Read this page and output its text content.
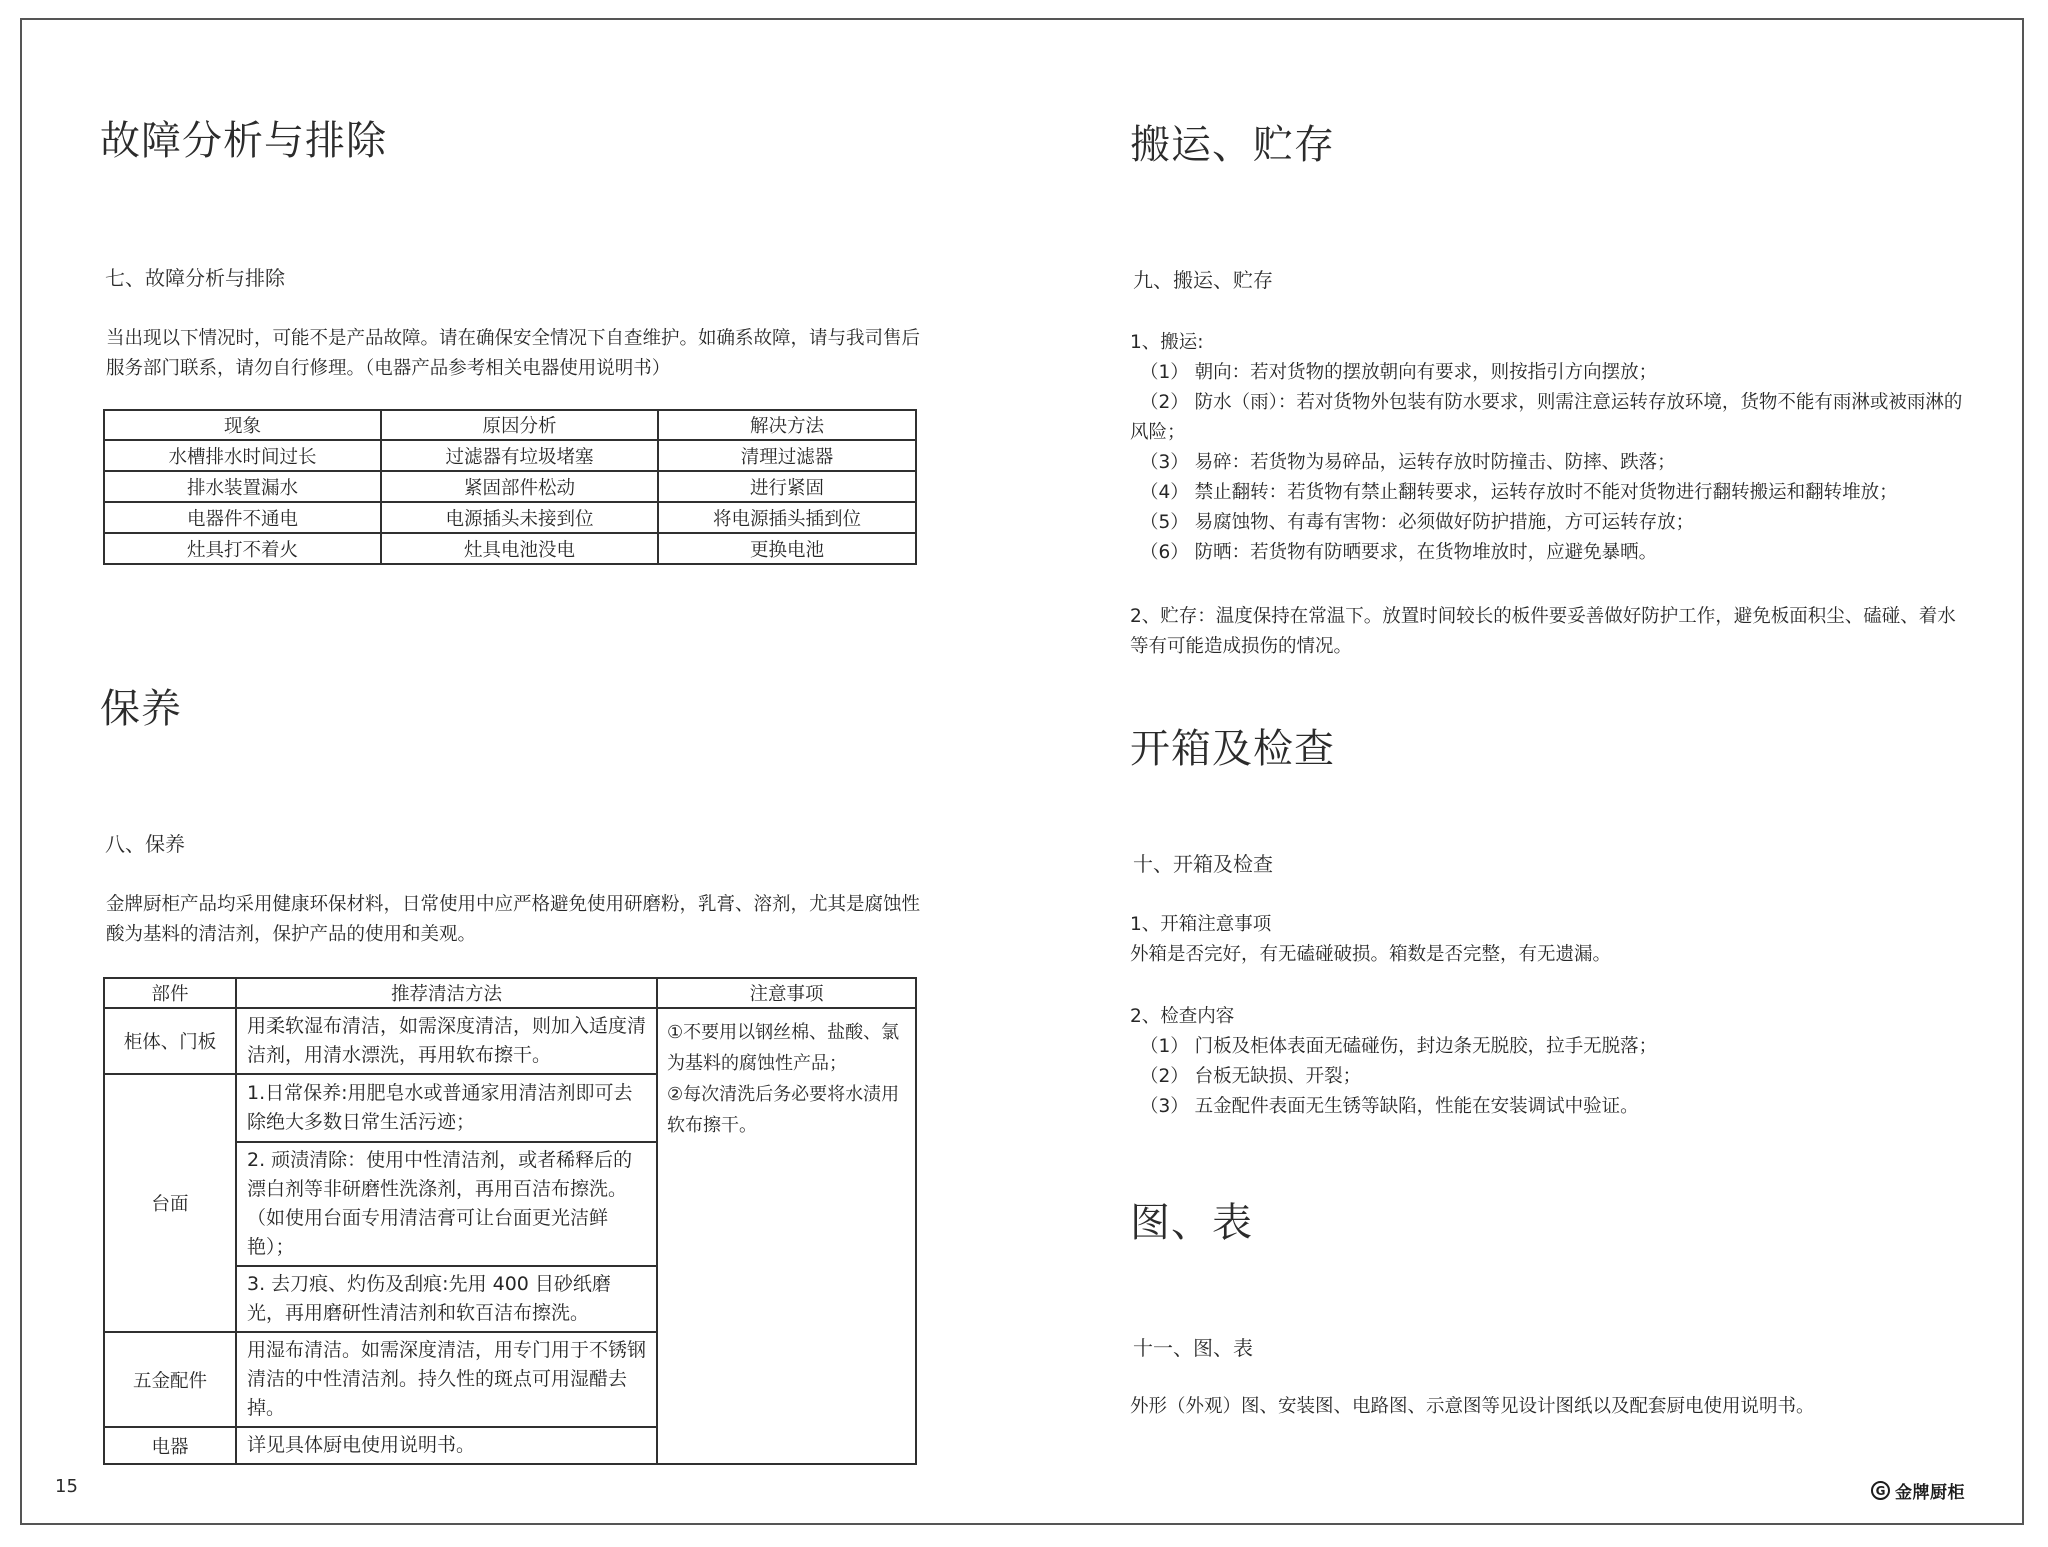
故障分析与排除
七、故障分析与排除
当出现以下情况时，可能不是产品故障。请在确保安全情况下自查维护。如确系故障，请与我司售后服务部门联系，请勿自行修理。（电器产品参考相关电器使用说明书）
现象	原因分析	解决方法
水槽排水时间过长	过滤器有垃圾堵塞	清理过滤器
排水装置漏水	紧固部件松动	进行紧固
电器件不通电	电源插头未接到位	将电源插头插到位
灶具打不着火	灶具电池没电	更换电池
保养
八、保养
金牌厨柜产品均采用健康环保材料，日常使用中应严格避免使用研磨粉，乳膏、溶剂，尤其是腐蚀性酸为基料的清洁剂，保护产品的使用和美观。
部件	推荐清洁方法	注意事项
柜体、门板	用柔软湿布清洁，如需深度清洁，则加入适度清洁剂，用清水漂洗，再用软布擦干。	①不要用以钢丝棉、盐酸、氯为基料的腐蚀性产品；
②每次清洗后务必要将水渍用软布擦干。

台面	1.日常保养:用肥皂水或普通家用清洁剂即可去除绝大多数日常生活污迹；	
	2. 顽渍清除：使用中性清洁剂，或者稀释后的漂白剂等非研磨性洗涤剂，再用百洁布擦洗。（如使用台面专用清洁膏可让台面更光洁鲜艳）；	
	3. 去刀痕、灼伤及刮痕:先用 400 目砂纸磨光，再用磨研性清洁剂和软百洁布擦洗。	
五金配件	用湿布清洁。如需深度清洁，用专门用于不锈钢清洁的中性清洁剂。持久性的斑点可用湿醋去掉。	
电器	详见具体厨电使用说明书。	
搬运、贮存
九、搬运、贮存
1、搬运:
（1） 朝向：若对货物的摆放朝向有要求，则按指引方向摆放；
（2） 防水（雨）：若对货物外包装有防水要求，则需注意运转存放环境，货物不能有雨淋或被雨淋的风险；
（3） 易碎：若货物为易碎品，运转存放时防撞击、防摔、跌落；
（4） 禁止翻转：若货物有禁止翻转要求，运转存放时不能对货物进行翻转搬运和翻转堆放；
（5） 易腐蚀物、有毒有害物：必须做好防护措施，方可运转存放；
（6） 防晒：若货物有防晒要求，在货物堆放时，应避免暴晒。
2、贮存：温度保持在常温下。放置时间较长的板件要妥善做好防护工作，避免板面积尘、磕碰、着水等有可能造成损伤的情况。
开箱及检查
十、开箱及检查
1、开箱注意事项
外箱是否完好，有无磕碰破损。箱数是否完整，有无遗漏。
2、检查内容
（1） 门板及柜体表面无磕碰伤，封边条无脱胶，拉手无脱落；
（2） 台板无缺损、开裂；
（3） 五金配件表面无生锈等缺陷，性能在安装调试中验证。
图、表
十一、图、表
外形（外观）图、安装图、电路图、示意图等见设计图纸以及配套厨电使用说明书。
15	G 金牌厨柜
